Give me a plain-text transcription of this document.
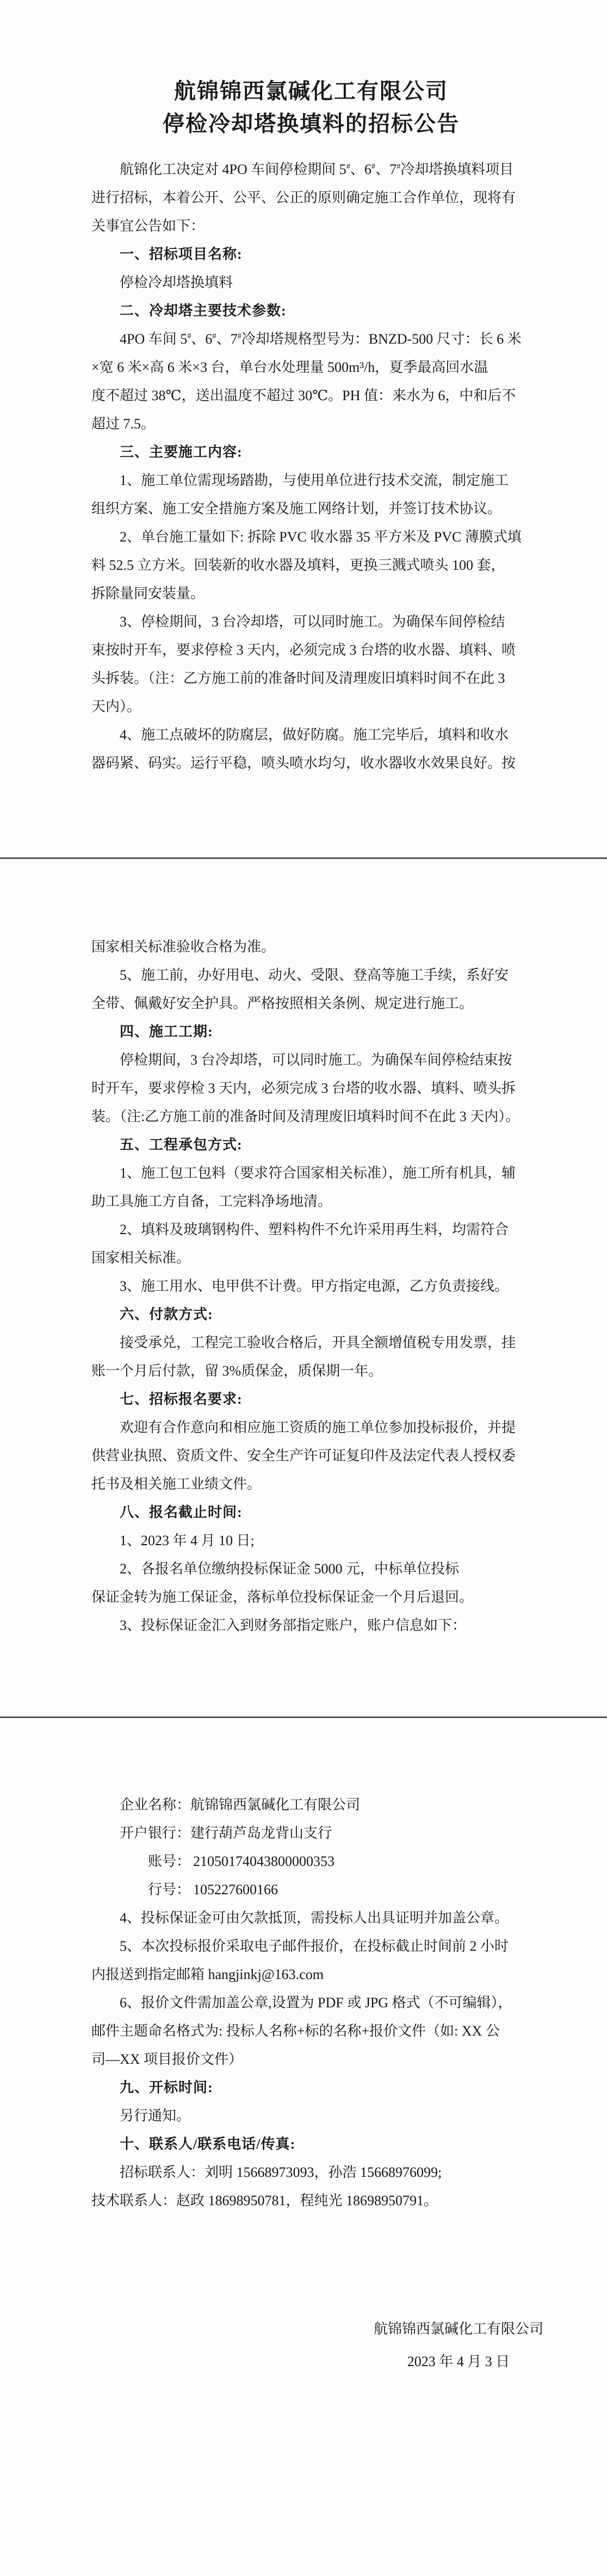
航锦锦西氯碱化工有限公司
停检冷却塔换填料的招标公告
航锦化工决定对 4PO 车间停检期间 5#、6#、7#冷却塔换填料项目
进行招标，本着公开、公平、公正的原则确定施工合作单位，现将有
关事宜公告如下：
一、招标项目名称:
停检冷却塔换填料
二、冷却塔主要技术参数:
4PO 车间 5#、6#、7#冷却塔规格型号为：BNZD-500 尺寸：长 6 米
×宽 6 米×高 6 米×3 台，单台水处理量 500m³/h，夏季最高回水温
度不超过 38℃，送出温度不超过 30℃。PH 值：来水为 6，中和后不
超过 7.5。
三、主要施工内容:
1、施工单位需现场踏勘，与使用单位进行技术交流，制定施工
组织方案、施工安全措施方案及施工网络计划，并签订技术协议。
2、单台施工量如下: 拆除 PVC 收水器 35 平方米及 PVC 薄膜式填
料 52.5 立方米。回装新的收水器及填料，更换三溅式喷头 100 套，
拆除量同安装量。
3、停检期间，3 台冷却塔，可以同时施工。为确保车间停检结
束按时开车，要求停检 3 天内，必须完成 3 台塔的收水器、填料、喷
头拆装。（注：乙方施工前的准备时间及清理废旧填料时间不在此 3
天内）。
4、施工点破坏的防腐层，做好防腐。施工完毕后，填料和收水
器码紧、码实。运行平稳，喷头喷水均匀，收水器收水效果良好。按
国家相关标准验收合格为准。
5、施工前，办好用电、动火、受限、登高等施工手续，系好安
全带、佩戴好安全护具。严格按照相关条例、规定进行施工。
四、施工工期:
停检期间，3 台冷却塔，可以同时施工。为确保车间停检结束按
时开车，要求停检 3 天内，必须完成 3 台塔的收水器、填料、喷头拆
装。（注:乙方施工前的准备时间及清理废旧填料时间不在此 3 天内）。
五、工程承包方式:
1、施工包工包料（要求符合国家相关标准），施工所有机具，辅
助工具施工方自备，工完料净场地清。
2、填料及玻璃钢构件、塑料构件不允许采用再生料，均需符合
国家相关标准。
3、施工用水、电甲供不计费。甲方指定电源，乙方负责接线。
六、付款方式:
接受承兑，工程完工验收合格后，开具全额增值税专用发票，挂
账一个月后付款，留 3%质保金，质保期一年。
七、招标报名要求:
欢迎有合作意向和相应施工资质的施工单位参加投标报价，并提
供营业执照、资质文件、安全生产许可证复印件及法定代表人授权委
托书及相关施工业绩文件。
八、报名截止时间:
1、2023 年 4 月 10 日;
2、各报名单位缴纳投标保证金 5000 元，中标单位投标
保证金转为施工保证金，落标单位投标保证金一个月后退回。
3、投标保证金汇入到财务部指定账户，账户信息如下：
企业名称：航锦锦西氯碱化工有限公司
开户银行：建行葫芦岛龙背山支行
账号： 21050174043800000353
行号： 105227600166
4、投标保证金可由欠款抵顶，需投标人出具证明并加盖公章。
5、本次投标报价采取电子邮件报价，在投标截止时间前 2 小时
内报送到指定邮箱 hangjinkj@163.com
6、报价文件需加盖公章,设置为 PDF 或 JPG 格式（不可编辑），
邮件主题命名格式为: 投标人名称+标的名称+报价文件（如: XX 公
司—XX 项目报价文件）
九、开标时间:
另行通知。
十、联系人/联系电话/传真:
招标联系人：刘明 15668973093，孙浩 15668976099;
技术联系人：赵政 18698950781，程纯光 18698950791。
航锦锦西氯碱化工有限公司
2023 年 4 月 3 日
